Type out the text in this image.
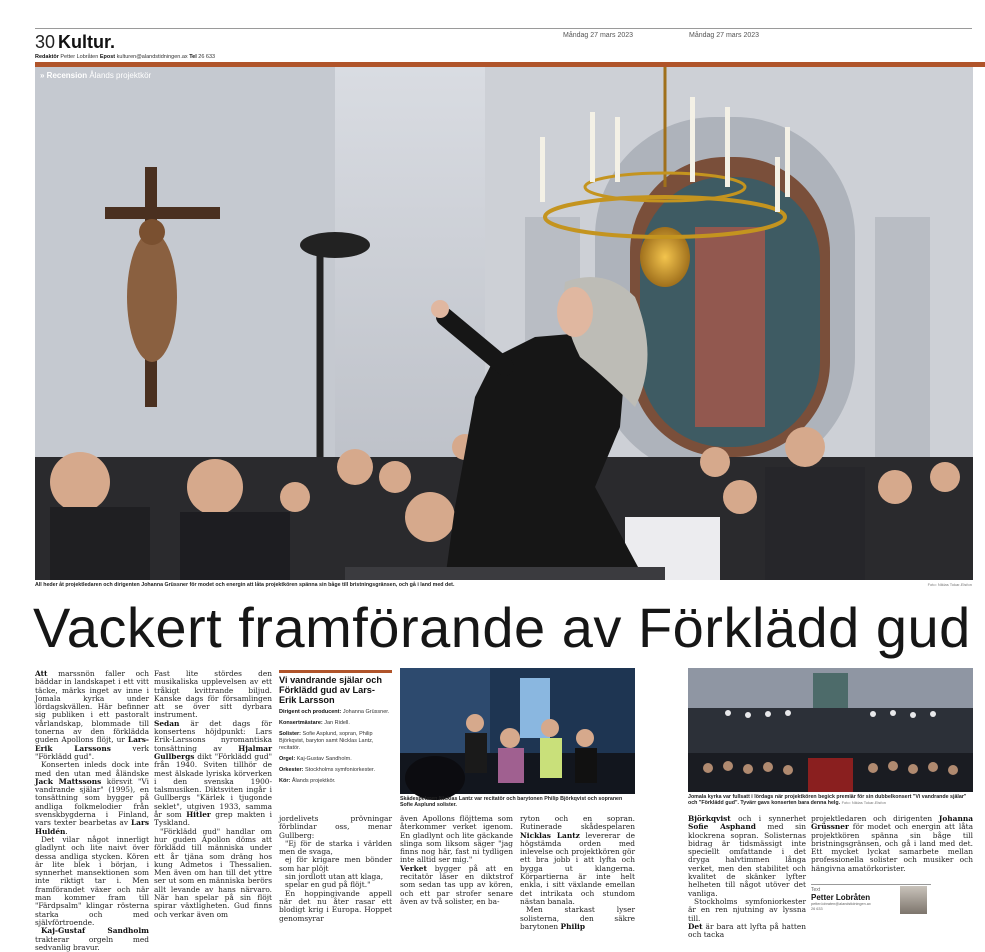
30 Kultur.	Måndag 27 mars 2023	Måndag 27 mars 2023
Redaktör Petter Lobråten Epost kulturen@alandstidningen.ax Tel 26 633
» Recension Ålands projektkör
All heder åt projektledaren och dirigenten Johanna Grüssner för modet och energin att låta projektkören spänna sin båge till bristningsgränsen, och gå i land med det.	Foto: Niklas Tokar-Elsfon
Vackert framförande av Förklädd gud

Att marssnön faller och bäddar in landskapet i ett vitt täcke, märks inget av inne i Jomala kyrka under lördagskvällen. Här befinner sig publiken i ett pastoralt vårlandskap, blommade till tonerna av den förklädda guden Apollons flöjt, ur Lars-Erik Larssons verk "Förklädd gud".

Konserten inleds dock inte med den utan med åländske Jack Mattssons körsvit "Vi vandrande själar" (1995), en tonsättning som bygger på andliga folkmelodier från svenskbygderna i Finland, vars texter bearbetas av Lars Huldén.

Det vilar något innerligt gladlynt och lite naivt över dessa andliga stycken. Kören är lite blek i början, i synnerhet mansektionen som inte riktigt tar i. Men framförandet växer och när man kommer fram till "Färdpsalm" klingar rösterna starka och med självförtroende.

Kaj-Gustaf Sandholm trakterar orgeln med sedvanlig bravur.

Fast lite stördes den musikaliska upplevelsen av ett tråkigt kvittrande biljud. Kanske dags för församlingen att se över sitt dyrbara instrument.

Sedan är det dags för konsertens höjdpunkt: Lars Erik-Larssons nyromantiska tonsättning av Hjalmar Gullbergs dikt "Förklädd gud" från 1940. Sviten tillhör de mest älskade lyriska körverken i den svenska 1900-talsmusiken. Diktsviten ingår i Gullbergs "Kärlek i tjugonde seklet", utgiven 1933, samma år som Hitler grep makten i Tyskland.

"Förklädd gud" handlar om hur guden Apollon döms att förklädd till människa under ett år tjäna som dräng hos kung Admetos i Thessalien. Men även om han till det yttre ser ut som en människa berörs allt levande av hans närvaro. När han spelar på sin flöjt spirar växtligheten. Gud finns och verkar även om

Vi vandrande själar och Förklädd gud av Lars-Erik Larsson
Dirigent och producent: Johanna Grüssner.
Konsertmästare: Jan Ridell.
Solister: Sofie Asplund, sopran, Philip Björkqvist, baryton samt Nicklas Lantz, recitatör.
Orgel: Kaj-Gustav Sandholm.
Orkester: Stockholms symfoniorkester.
Kör: Ålands projektkör.

jordelivets prövningar förblindar oss, menar Gullberg:

"Ej för de starka i världen men de svaga,

ej för krigare men bönder som har plöjt

sin jordlott utan att klaga,

spelar en gud på flöjt."

En hoppingivande appell när det nu åter rasar ett blodigt krig i Europa. Hoppet genomsyrar

Skådespelaren Nicklas Lantz var recitatör och barytonen Philip Björkqvist och sopranen Sofie Asplund solister.

även Apollons flöjttema som återkommer verket igenom. En gladlynt och lite gäckande slinga som liksom säger "jag finns nog här, fast ni tydligen inte alltid ser mig."

Verket bygger på att en recitatör läser en diktstrof som sedan tas upp av kören, och ett par strofer senare även av två solister, en ba-

ryton och en sopran. Rutinerade skådespelaren Nicklas Lantz levererar de högstämda orden med inlevelse och projektkören gör ett bra jobb i att lyfta och bygga ut klangerna. Körpartierna är inte helt enkla, i sitt växlande emellan det intrikata och stundom nästan banala.

Men starkast lyser solisterna, den säkre barytonen Philip

Jomala kyrka var fullsatt i lördags när projektkören begick premiär för sin dubbelkonsert "Vi vandrande själar" och "Förklädd gud". Tyvärr gavs konserten bara denna helg. Foto: Niklas Tokar-Elsfon

Björkqvist och i synnerhet Sofie Asphand med sin klockrena sopran. Solisternas bidrag är tidsmässigt inte speciellt omfattande i det dryga halvtimmen långa verket, men den stabilitet och kvalitet de skänker lyfter helheten till något utöver det vanliga.

Stockholms symfoniorkester är en ren njutning av lyssna till.

Det är bara att lyfta på hatten och tacka

projektledaren och dirigenten Johanna Grüssner för modet och energin att låta projektkören spänna sin båge till bristningsgränsen, och gå i land med det. Ett mycket lyckat samarbete mellan professionella solister och musiker och hängivna amatörkorister.

Text
Petter Lobråten
petter.lobraten@alandstidningen.ax
26 633
